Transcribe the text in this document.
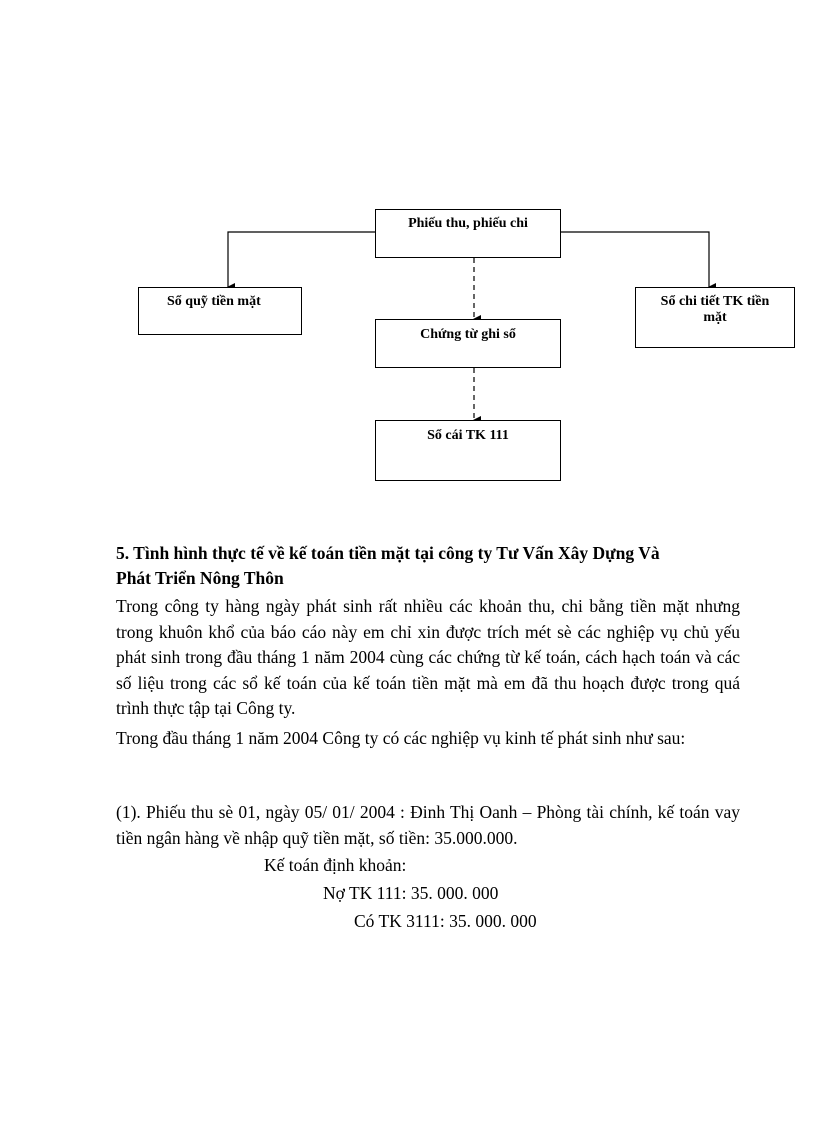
Phiếu thu, phiếu chi
Sổ quỹ tiền mặt
Chứng từ ghi sổ
Sổ chi tiết TK tiền
mặt
Sổ cái TK 111
5. Tình hình thực tế về kế toán tiền mặt tại công ty Tư Vấn Xây Dựng Và
Phát Triển Nông Thôn
Trong công ty hàng ngày phát sinh rất nhiều các khoản thu, chi bằng tiền mặt nhưng trong khuôn khổ của báo cáo này em chỉ xin được trích mét sè các nghiệp vụ chủ yếu phát sinh trong đầu tháng 1 năm 2004 cùng các chứng từ kế toán, cách hạch toán và các số liệu trong các sổ kế toán của kế toán tiền mặt mà em đã thu hoạch được trong quá trình thực tập tại Công ty.
Trong đầu tháng 1 năm 2004 Công ty có các nghiệp vụ kinh tế phát sinh như sau:
(1). Phiếu thu sè 01, ngày 05/ 01/ 2004 : Đinh Thị Oanh – Phòng tài chính, kế toán vay tiền ngân hàng về nhập quỹ tiền mặt, số tiền: 35.000.000.
Kế toán định khoản:
Nợ TK 111: 35. 000. 000
Có TK 3111: 35. 000. 000
